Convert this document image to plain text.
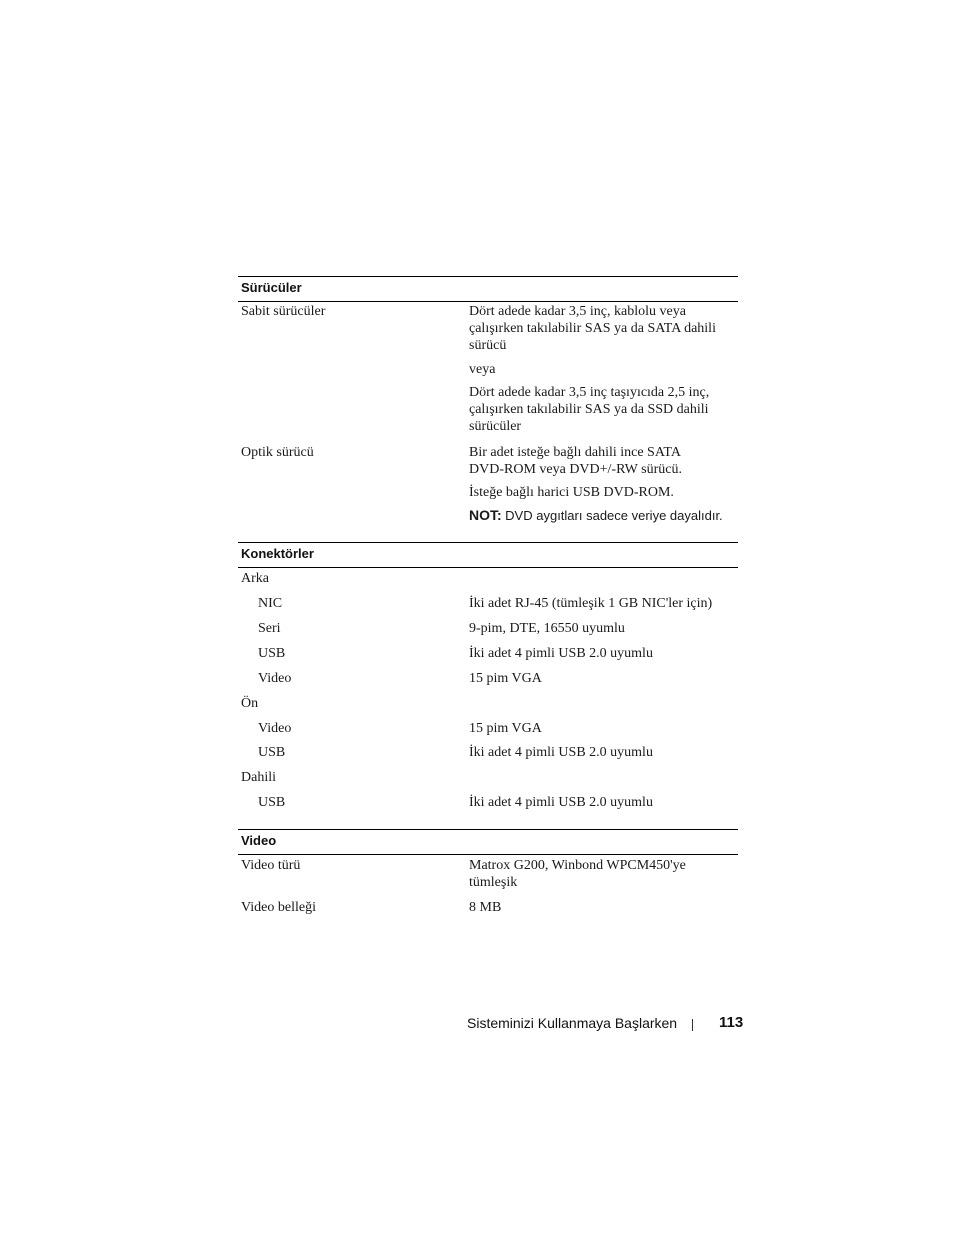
Sürücüler
Sabit sürücüler	Dört adede kadar 3,5 inç, kablolu veya
çalışırken takılabilir SAS ya da SATA dahili
sürücü
veya
Dört adede kadar 3,5 inç taşıyıcıda 2,5 inç,
çalışırken takılabilir SAS ya da SSD dahili
sürücüler
Optik sürücü	Bir adet isteğe bağlı dahili ince SATA
DVD-ROM veya DVD+/-RW sürücü.
İsteğe bağlı harici USB DVD-ROM.
NOT: DVD aygıtları sadece veriye dayalıdır.
Konektörler
Arka
NIC	İki adet RJ-45 (tümleşik 1 GB NIC'ler için)
Seri	9-pim, DTE, 16550 uyumlu
USB	İki adet 4 pimli USB 2.0 uyumlu
Video	15 pim VGA
Ön
Video	15 pim VGA
USB	İki adet 4 pimli USB 2.0 uyumlu
Dahili
USB	İki adet 4 pimli USB 2.0 uyumlu
Video
Video türü	Matrox G200, Winbond WPCM450'ye
tümleşik
Video belleği	8 MB
Sisteminizi Kullanmaya Başlarken	113
